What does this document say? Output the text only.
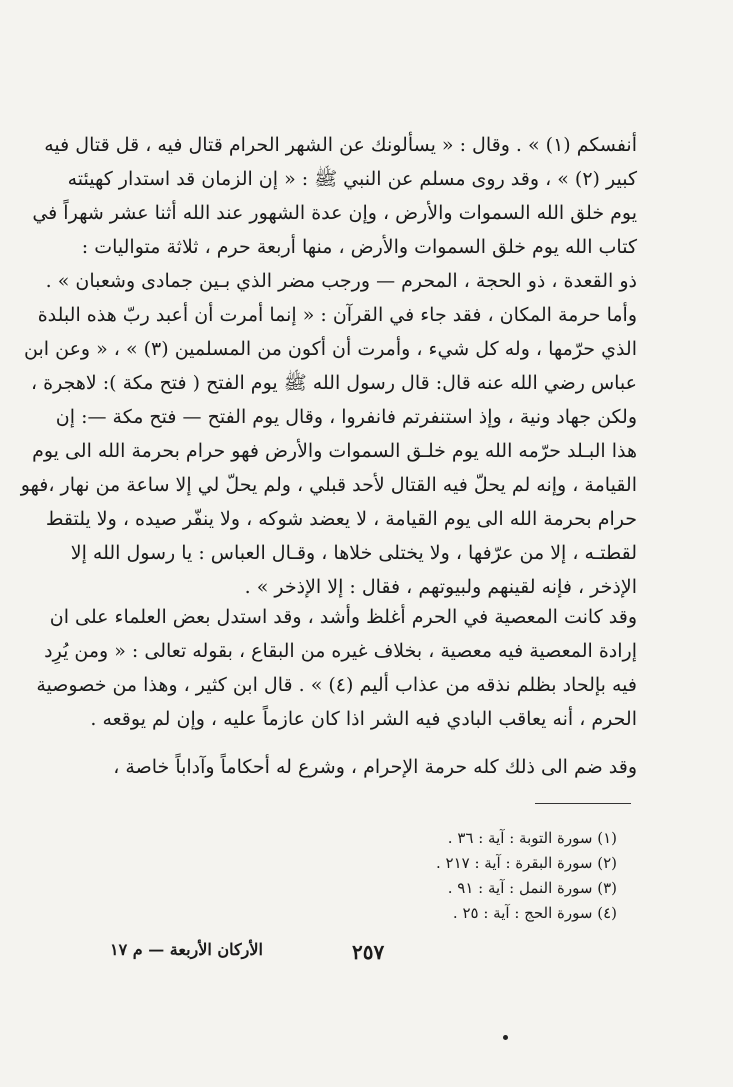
أنفسكم (١) » . وقال : « يسألونك عن الشهر الحرام قتال فيه ، قل قتال فيه
كبير (٢) » ، وقد روى مسلم عن النبي ﷺ : « إن الزمان قد استدار كهيئته
يوم خلق الله السموات والأرض ، وإن عدة الشهور عند الله أثنا عشر شهراً في
كتاب الله يوم خلق السموات والأرض ، منها أربعة حرم ، ثلاثة متواليات :
ذو القعدة ، ذو الحجة ، المحرم — ورجب مضر الذي بـين جمادى وشعبان » .
وأما حرمة المكان ، فقد جاء في القرآن : « إنما أمرت أن أعبد ربّ هذه البلدة
الذي حرّمها ، وله كل شيء ، وأمرت أن أكون من المسلمين (٣) » ، « وعن ابن
عباس رضي الله عنه قال: قال رسول الله ﷺ يوم الفتح ( فتح مكة ): لاهجرة ،
ولكن جهاد ونية ، وإذ استنفرتم فانفروا ، وقال يوم الفتح — فتح مكة —: إن
هذا البـلد حرّمه الله يوم خلـق السموات والأرض فهو حرام بحرمة الله الى يوم
القيامة ، وإنه لم يحلّ فيه القتال لأحد قبلي ، ولم يحلّ لي إلا ساعة من نهار ،فهو
حرام بحرمة الله الى يوم القيامة ، لا يعضد شوكه ، ولا ينفّر صيده ، ولا يلتقط
لقطتـه ، إلا من عرّفها ، ولا يختلى خلاها ، وقـال العباس : يا رسول الله إلا
الإذخر ، فإنه لقينهم ولبيوتهم ، فقال : إلا الإذخر » .
وقد كانت المعصية في الحرم أغلظ وأشد ، وقد استدل بعض العلماء على ان
إرادة المعصية فيه معصية ، بخلاف غيره من البقاع ، بقوله تعالى : « ومن يُرِد
فيه بإلحاد بظلم نذقه من عذاب أليم (٤) » . قال ابن كثير ، وهذا من خصوصية
الحرم ، أنه يعاقب البادي فيه الشر اذا كان عازماً عليه ، وإن لم يوقعه .
وقد ضم الى ذلك كله حرمة الإحرام ، وشرع له أحكاماً وآداباً خاصة ،
(١) سورة التوبة : آية : ٣٦ .
(٢) سورة البقرة : آية : ٢١٧ .
(٣) سورة النمل : آية : ٩١ .
(٤) سورة الحج : آية : ٢٥ .
٢٥٧
الأركان الأربعة — م ١٧
